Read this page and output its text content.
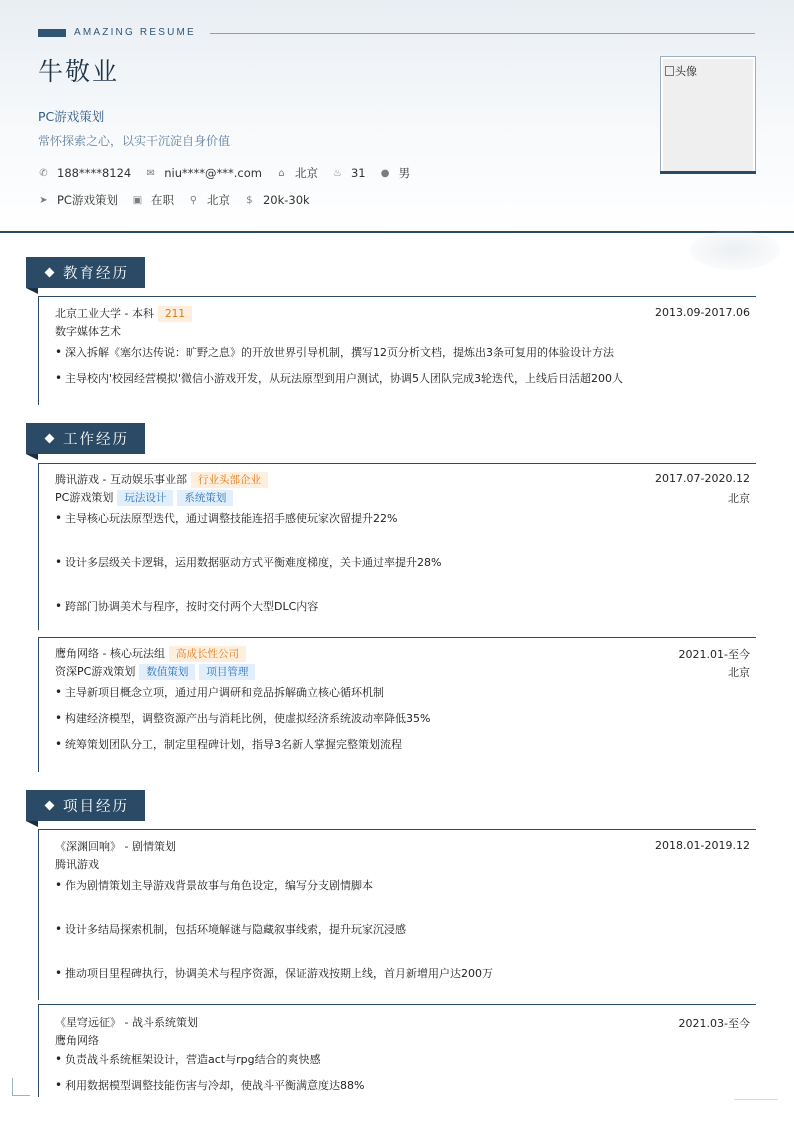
AMAZING RESUME
牛敬业
PC游戏策划
常怀探索之心，以实干沉淀自身价值
✆ 188****8124 ✉ niu****@***.com ⌂ 北京 ♨ 31 ● 男
➤ PC游戏策划 ▣ 在职 ⚲ 北京 $ 20k-30k
头像
教育经历
北京工业大学 - 本科 211	2013.09-2017.06
数字媒体艺术
• 深入拆解《塞尔达传说：旷野之息》的开放世界引导机制，撰写12页分析文档，提炼出3条可复用的体验设计方法
• 主导校内'校园经营模拟'微信小游戏开发，从玩法原型到用户测试，协调5人团队完成3轮迭代，上线后日活超200人
工作经历
腾讯游戏 - 互动娱乐事业部 行业头部企业	2017.07-2020.12
PC游戏策划 玩法设计 系统策划	北京
• 主导核心玩法原型迭代，通过调整技能连招手感使玩家次留提升22%
• 设计多层级关卡逻辑，运用数据驱动方式平衡难度梯度，关卡通过率提升28%
• 跨部门协调美术与程序，按时交付两个大型DLC内容
鹰角网络 - 核心玩法组 高成长性公司	2021.01-至今
资深PC游戏策划 数值策划 项目管理	北京
• 主导新项目概念立项，通过用户调研和竞品拆解确立核心循环机制
• 构建经济模型，调整资源产出与消耗比例，使虚拟经济系统波动率降低35%
• 统筹策划团队分工，制定里程碑计划，指导3名新人掌握完整策划流程
项目经历
《深渊回响》 - 剧情策划	2018.01-2019.12
腾讯游戏
• 作为剧情策划主导游戏背景故事与角色设定，编写分支剧情脚本
• 设计多结局探索机制，包括环境解谜与隐藏叙事线索，提升玩家沉浸感
• 推动项目里程碑执行，协调美术与程序资源，保证游戏按期上线，首月新增用户达200万
《星穹远征》 - 战斗系统策划	2021.03-至今
鹰角网络
• 负责战斗系统框架设计，营造act与rpg结合的爽快感
• 利用数据模型调整技能伤害与冷却，使战斗平衡满意度达88%
